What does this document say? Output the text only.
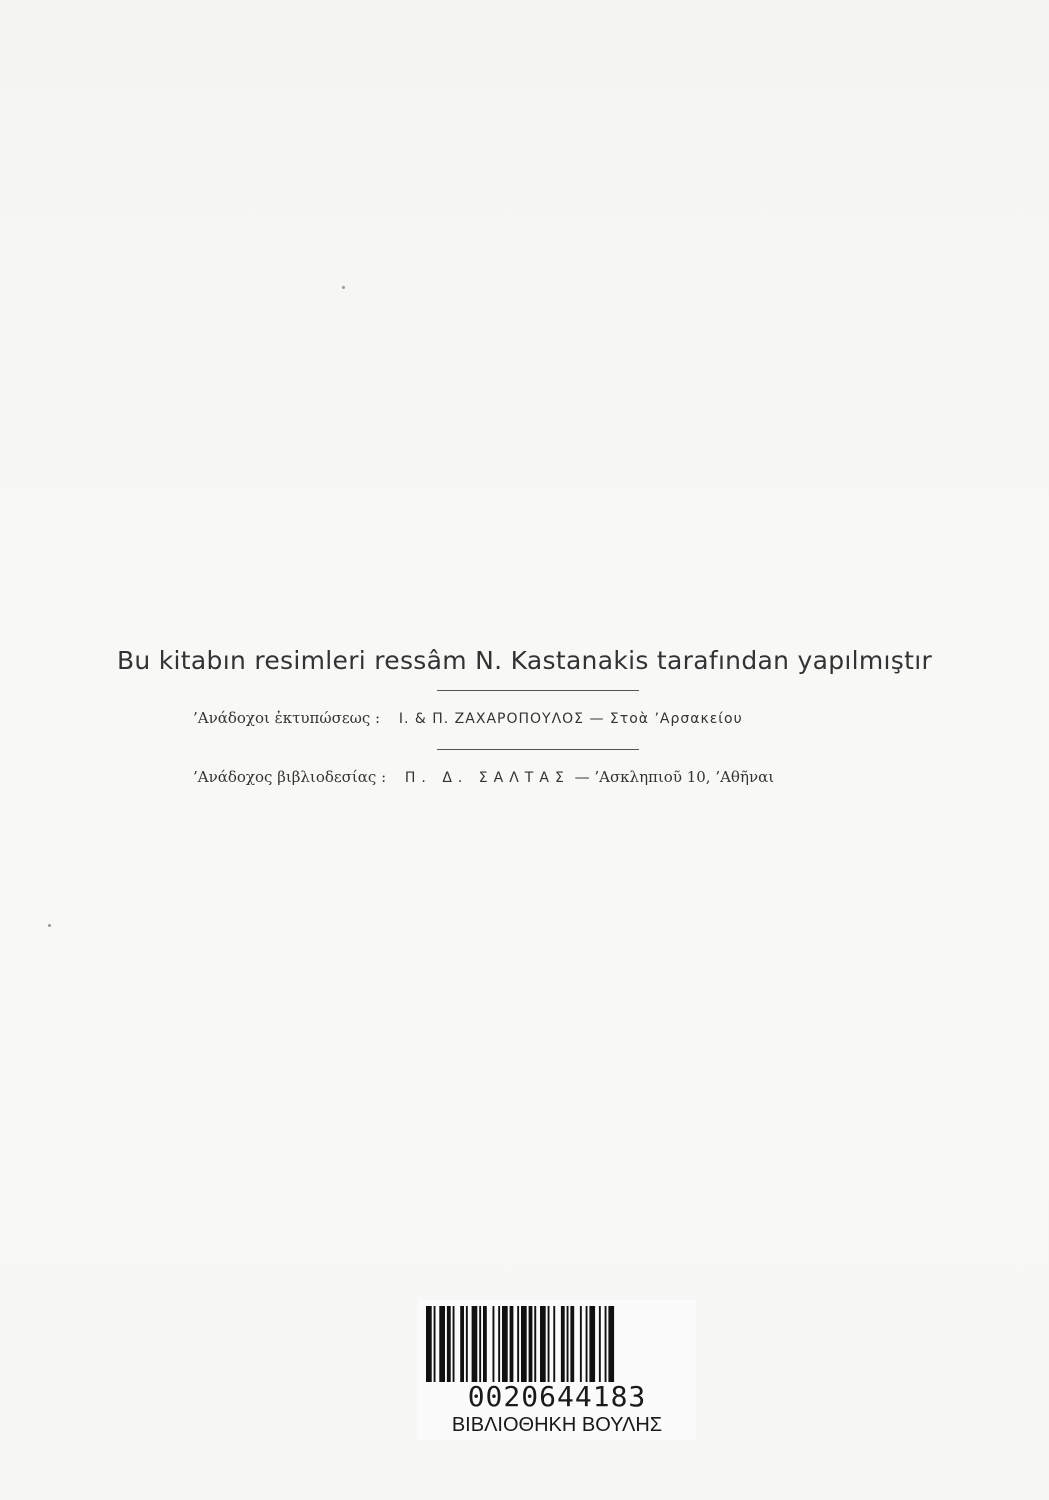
Bu kitabın resimleri ressâm N. Kastanakis tarafından yapılmıştır
’Ανάδοχοι ἐκτυπώσεως : I. & Π. ΖΑΧΑΡΟΠΟΥΛΟΣ — Στοὰ ’Αρσακείου
’Ανάδοχος βιβλιοδεσίας : Π. Δ. ΣΑΛΤΑΣ — ’Ασκληπιοῦ 10, ’Αθῆναι
0020644183
ΒΙΒΛΙΟΘΗΚΗ ΒΟΥΛΗΣ
